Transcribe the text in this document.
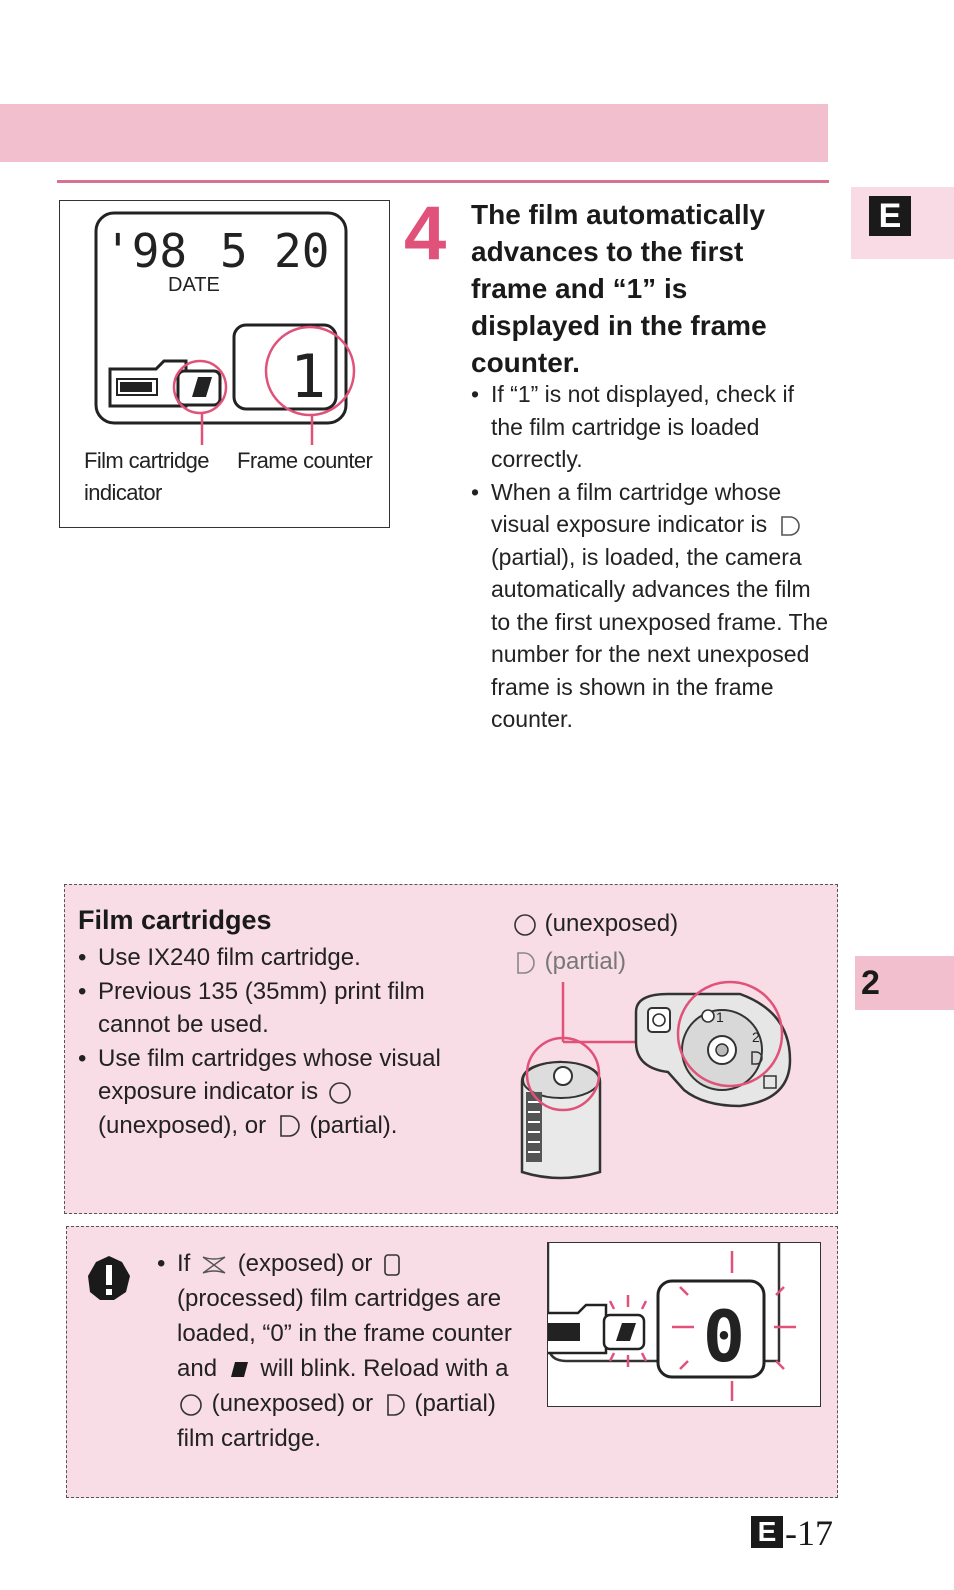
E
2
'98 5 20
DATE
1
Film cartridge
indicator
Frame counter
4 The film automatically advances to the first frame and “1” is displayed in the frame counter.
• If “1” is not displayed, check if the film cartridge is loaded correctly.
• When a film cartridge whose visual exposure indicator is  (partial), is loaded, the camera automatically advances the film to the first unexposed frame. The number for the next unexposed frame is shown in the frame counter.
Film cartridges
• Use IX240 film cartridge.
• Previous 135 (35mm) print film cannot be used.
• Use film cartridges whose visual exposure indicator is  (unexposed), or (partial).
(unexposed)
(partial)
1
2
• If (exposed) or  (processed) film cartridges are loaded, “0” in the frame counter and will blink. Reload with a  (unexposed) or (partial) film cartridge.
0
E -17
